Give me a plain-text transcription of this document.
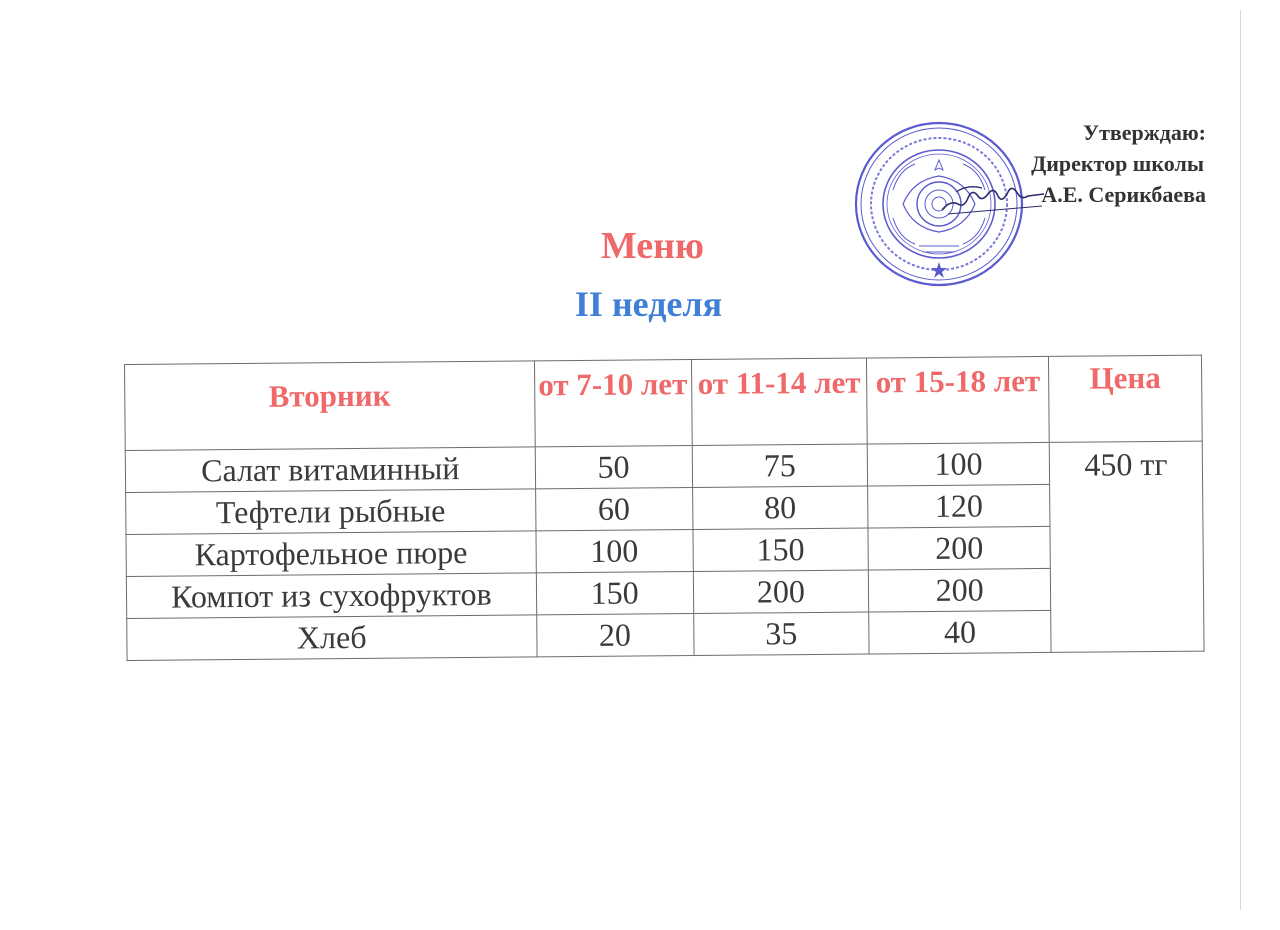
Утверждаю:
Директор школы
А.Е. Серикбаева
Меню
II неделя
Вторник	от 7-10 лет	от 11-14 лет	от 15-18 лет	Цена
Салат витаминный	50	75	100	450 тг
Тефтели рыбные	60	80	120	
Картофельное пюре	100	150	200	
Компот из сухофруктов	150	200	200	
Хлеб	20	35	40	
